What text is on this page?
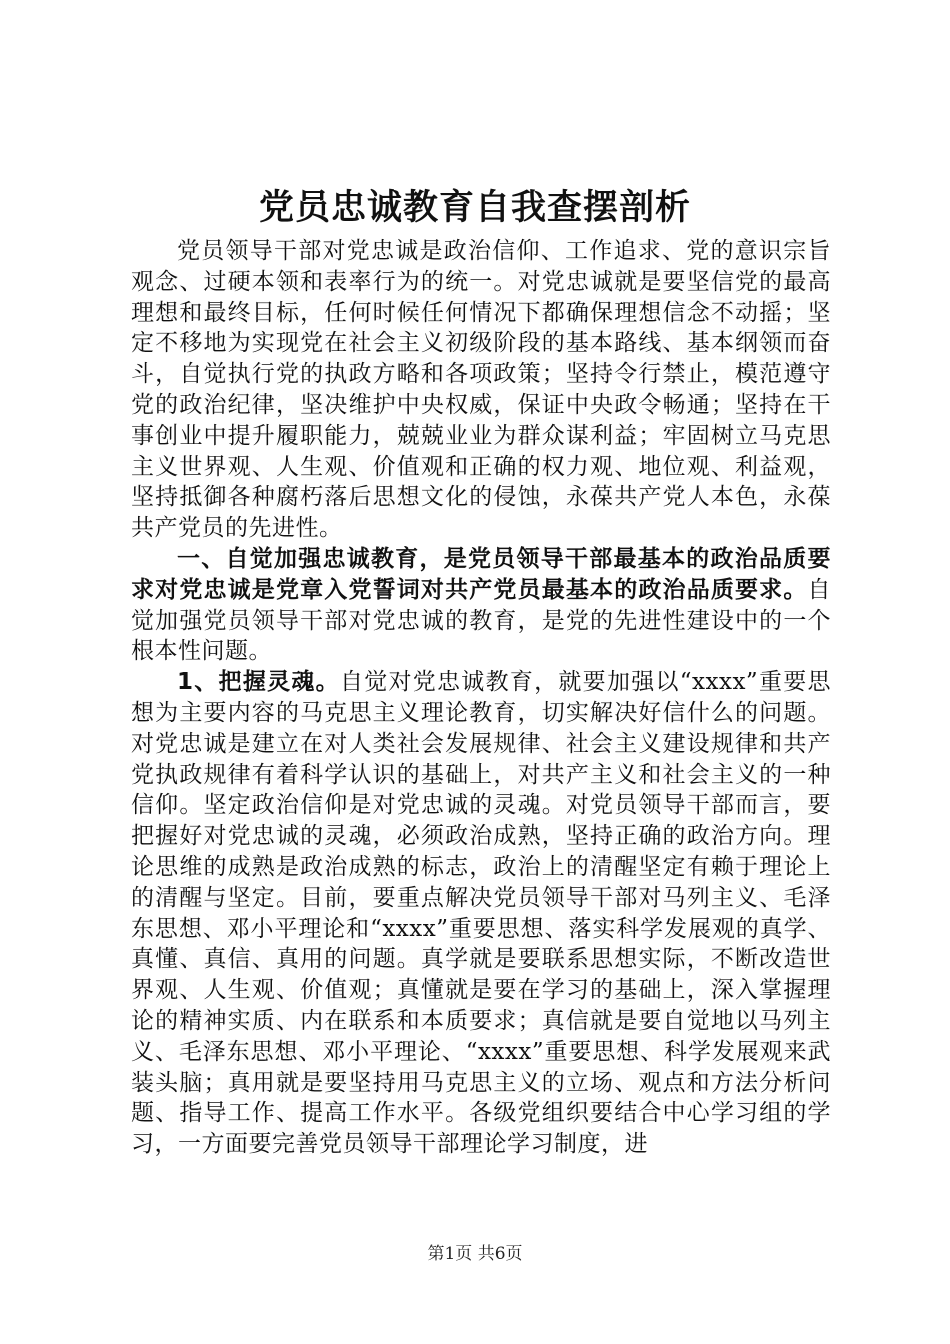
党员忠诚教育自我查摆剖析

党员领导干部对党忠诚是政治信仰、工作追求、党的意识宗旨观念、过硬本领和表率行为的统一。对党忠诚就是要坚信党的最高理想和最终目标，任何时候任何情况下都确保理想信念不动摇；坚定不移地为实现党在社会主义初级阶段的基本路线、基本纲领而奋斗，自觉执行党的执政方略和各项政策；坚持令行禁止，模范遵守党的政治纪律，坚决维护中央权威，保证中央政令畅通；坚持在干事创业中提升履职能力，兢兢业业为群众谋利益；牢固树立马克思主义世界观、人生观、价值观和正确的权力观、地位观、利益观，坚持抵御各种腐朽落后思想文化的侵蚀，永葆共产党人本色，永葆共产党员的先进性。

一、自觉加强忠诚教育，是党员领导干部最基本的政治品质要求对党忠诚是党章入党誓词对共产党员最基本的政治品质要求。自觉加强党员领导干部对党忠诚的教育，是党的先进性建设中的一个根本性问题。

1、把握灵魂。自觉对党忠诚教育，就要加强以“xxxx”重要思想为主要内容的马克思主义理论教育，切实解决好信什么的问题。对党忠诚是建立在对人类社会发展规律、社会主义建设规律和共产党执政规律有着科学认识的基础上，对共产主义和社会主义的一种信仰。坚定政治信仰是对党忠诚的灵魂。对党员领导干部而言，要把握好对党忠诚的灵魂，必须政治成熟，坚持正确的政治方向。理论思维的成熟是政治成熟的标志，政治上的清醒坚定有赖于理论上的清醒与坚定。目前，要重点解决党员领导干部对马列主义、毛泽东思想、邓小平理论和“xxxx”重要思想、落实科学发展观的真学、真懂、真信、真用的问题。真学就是要联系思想实际，不断改造世界观、人生观、价值观；真懂就是要在学习的基础上，深入掌握理论的精神实质、内在联系和本质要求；真信就是要自觉地以马列主义、毛泽东思想、邓小平理论、“xxxx”重要思想、科学发展观来武装头脑；真用就是要坚持用马克思主义的立场、观点和方法分析问题、指导工作、提高工作水平。各级党组织要结合中心学习组的学习，一方面要完善党员领导干部理论学习制度，进

第1页 共6页
